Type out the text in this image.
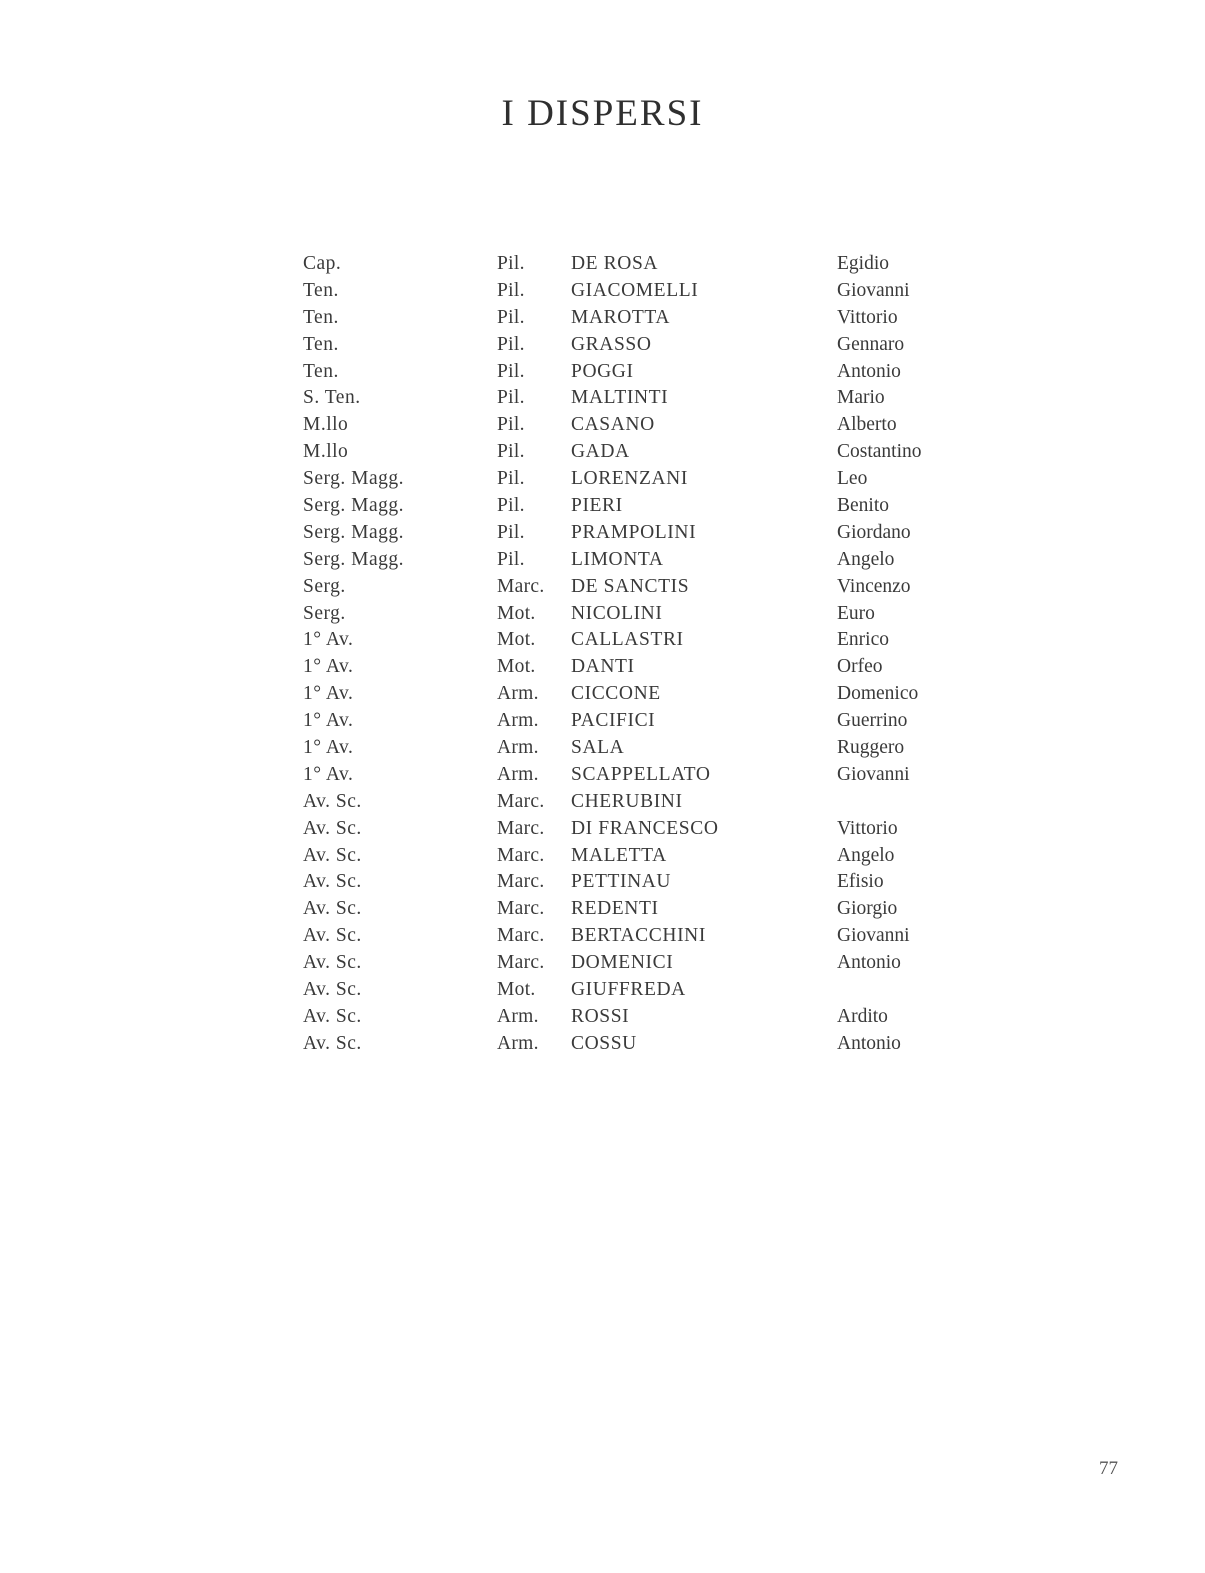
I DISPERSI
Cap.	Pil. DE ROSA	Egidio
Ten.	Pil. GIACOMELLI	Giovanni
Ten.	Pil. MAROTTA	Vittorio
Ten.	Pil. GRASSO	Gennaro
Ten.	Pil. POGGI	Antonio
S. Ten.	Pil. MALTINTI	Mario
M.llo	Pil. CASANO	Alberto
M.llo	Pil. GADA	Costantino
Serg. Magg.	Pil. LORENZANI	Leo
Serg. Magg.	Pil. PIERI	Benito
Serg. Magg.	Pil. PRAMPOLINI	Giordano
Serg. Magg.	Pil. LIMONTA	Angelo
Serg.	Marc. DE SANCTIS	Vincenzo
Serg.	Mot. NICOLINI	Euro
1° Av.	Mot. CALLASTRI	Enrico
1° Av.	Mot. DANTI	Orfeo
1° Av.	Arm. CICCONE	Domenico
1° Av.	Arm. PACIFICI	Guerrino
1° Av.	Arm. SALA	Ruggero
1° Av.	Arm. SCAPPELLATO	Giovanni
Av. Sc.	Marc. CHERUBINI
Av. Sc.	Marc. DI FRANCESCO	Vittorio
Av. Sc.	Marc. MALETTA	Angelo
Av. Sc.	Marc. PETTINAU	Efisio
Av. Sc.	Marc. REDENTI	Giorgio
Av. Sc.	Marc. BERTACCHINI	Giovanni
Av. Sc.	Marc. DOMENICI	Antonio
Av. Sc.	Mot. GIUFFREDA
Av. Sc.	Arm. ROSSI	Ardito
Av. Sc.	Arm. COSSU	Antonio
77
